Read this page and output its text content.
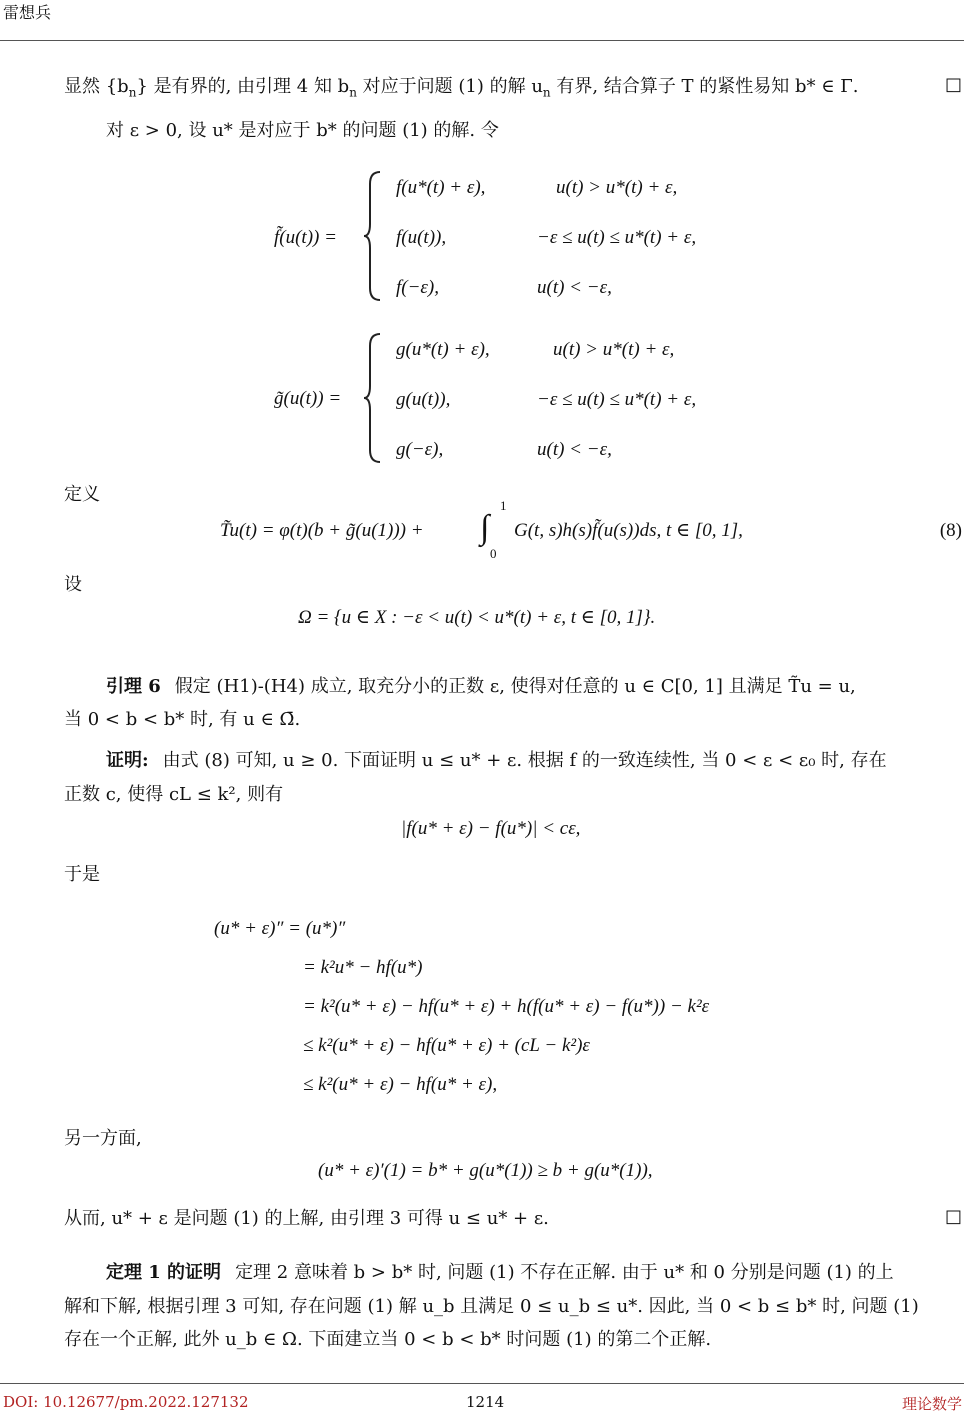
雷想兵
显然 $\{b_n\}$ 是有界的, 由引理 4 知 $b_n$ 对应于问题 (1) 的解 $u_n$ 有界, 结合算子 T 的紧性易知 b* ∈ Γ.	□
对 ε > 0, 设 u* 是对应于 b* 的问题 (1) 的解. 令
f̃(u(t)) =
f(u*(t) + ε),	u(t) > u*(t) + ε,
f(u(t)),	−ε ≤ u(t) ≤ u*(t) + ε,
f(−ε),	u(t) < −ε,
g̃(u(t)) =
g(u*(t) + ε),	u(t) > u*(t) + ε,
g(u(t)),	−ε ≤ u(t) ≤ u*(t) + ε,
g(−ε),	u(t) < −ε,
定义
T̃u(t) = φ(t)(b + g̃(u(1))) + ∫
1
0
G(t, s)h(s)f̃(u(s))ds, t ∈ [0, 1],	(8)
设
Ω = {u ∈ X : −ε < u(t) < u*(t) + ε, t ∈ [0, 1]}.
引理 6 假定 (H1)-(H4) 成立, 取充分小的正数 ε, 使得对任意的 u ∈ C[0, 1] 且满足 T̃u = u,
当 0 < b < b* 时, 有 u ∈ Ω̄.
证明: 由式 (8) 可知, u ≥ 0. 下面证明 u ≤ u* + ε. 根据 f 的一致连续性, 当 0 < ε < ε₀ 时, 存在
正数 c, 使得 cL ≤ k², 则有
|f(u* + ε) − f(u*)| < cε,
于是
(u* + ε)″ = (u*)″
= k²u* − hf(u*)
= k²(u* + ε) − hf(u* + ε) + h(f(u* + ε) − f(u*)) − k²ε
≤ k²(u* + ε) − hf(u* + ε) + (cL − k²)ε
≤ k²(u* + ε) − hf(u* + ε),
另一方面,
(u* + ε)′(1) = b* + g(u*(1)) ≥ b + g(u*(1)),
从而, u* + ε 是问题 (1) 的上解, 由引理 3 可得 u ≤ u* + ε.	□
定理 1 的证明 定理 2 意味着 b > b* 时, 问题 (1) 不存在正解. 由于 u* 和 0 分别是问题 (1) 的上
解和下解, 根据引理 3 可知, 存在问题 (1) 解 u_b 且满足 0 ≤ u_b ≤ u*. 因此, 当 0 < b ≤ b* 时, 问题 (1)
存在一个正解, 此外 u_b ∈ Ω. 下面建立当 0 < b < b* 时问题 (1) 的第二个正解.
DOI: 10.12677/pm.2022.127132	1214	理论数学
